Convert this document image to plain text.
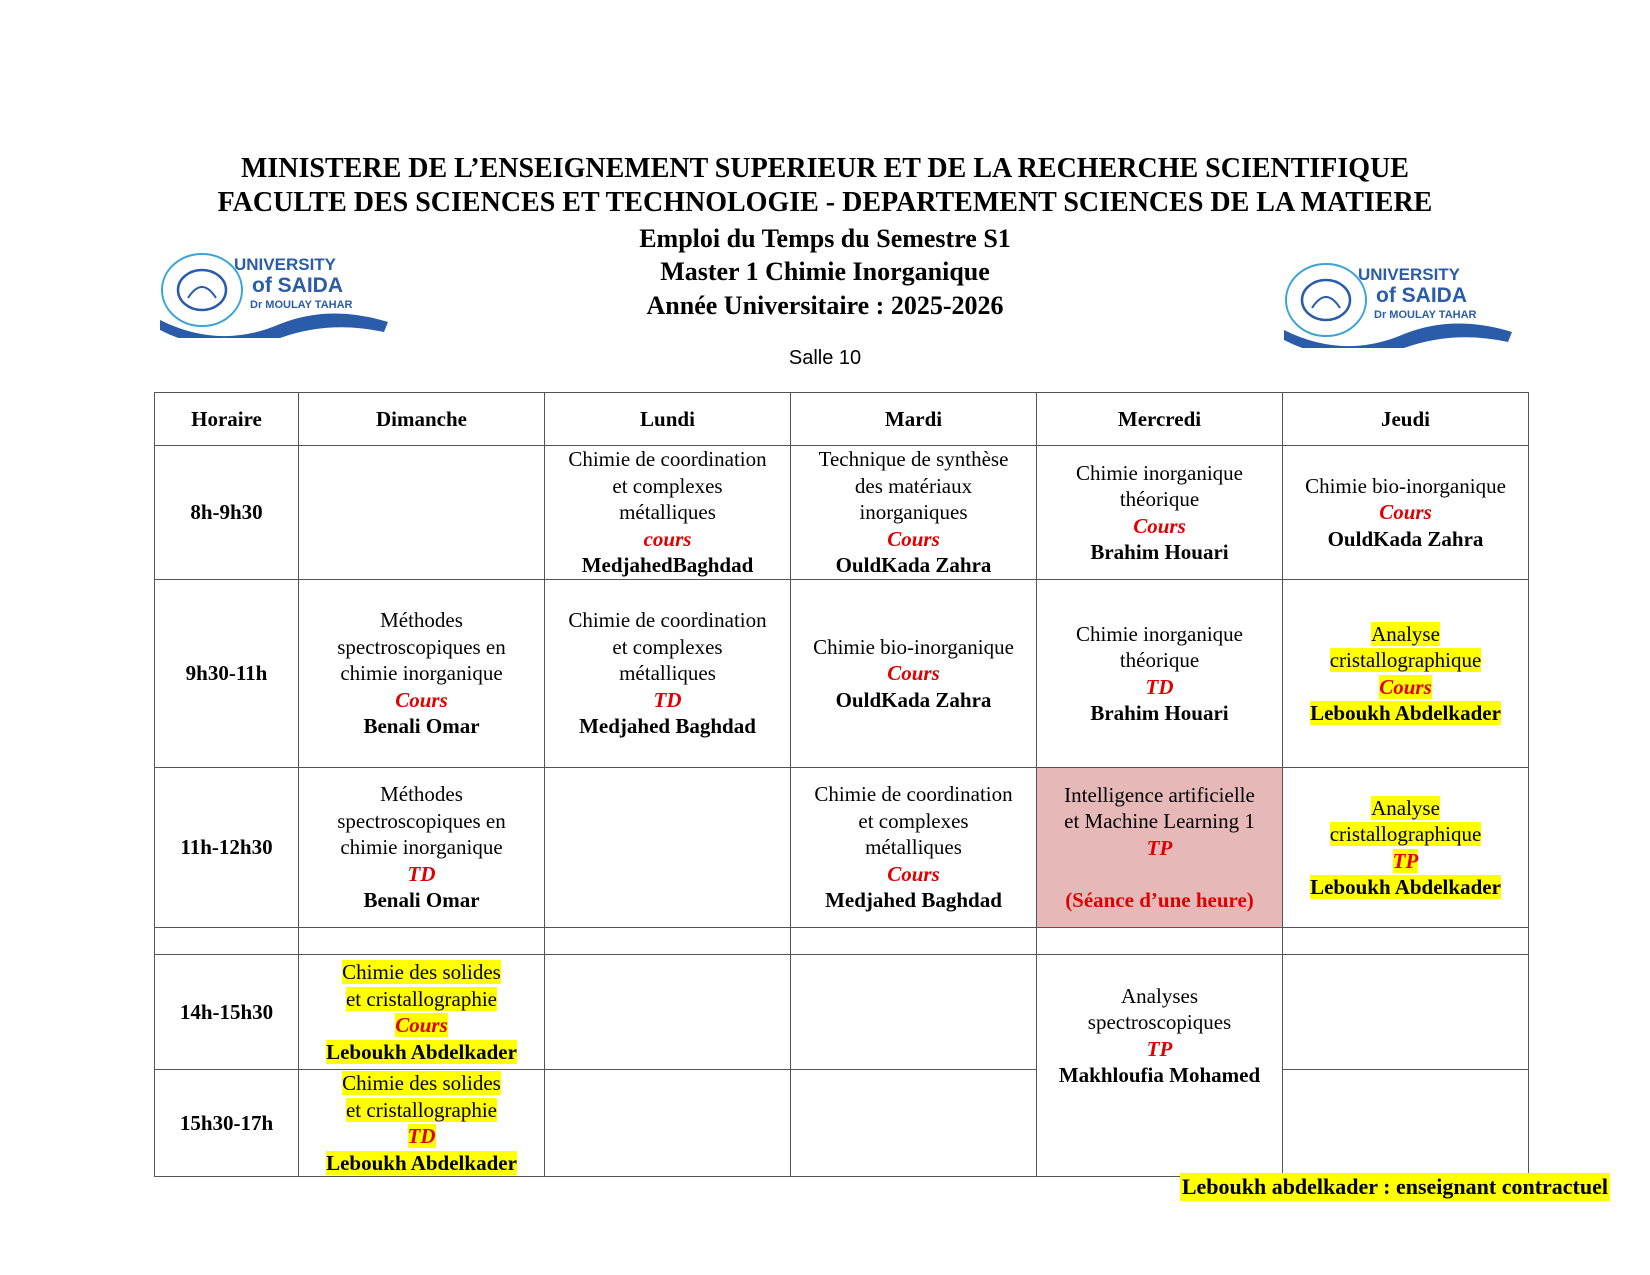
MINISTERE DE L’ENSEIGNEMENT SUPERIEUR ET DE LA RECHERCHE SCIENTIFIQUE
FACULTE DES SCIENCES ET TECHNOLOGIE - DEPARTEMENT SCIENCES DE LA MATIERE
Emploi du Temps du Semestre S1
Master 1 Chimie Inorganique
Année Universitaire : 2025-2026
Salle 10
UNIVERSITY
of SAIDA
Dr MOULAY TAHAR
UNIVERSITY
of SAIDA
Dr MOULAY TAHAR
Horaire	Dimanche	Lundi	Mardi	Mercredi	Jeudi
8h-9h30		Chimie de coordination
et complexes
métalliques
cours
MedjahedBaghdad	Technique de synthèse
des matériaux
inorganiques
Cours
OuldKada Zahra	Chimie inorganique
théorique
Cours
Brahim Houari	Chimie bio-inorganique
Cours
OuldKada Zahra

9h30-11h	Méthodes
spectroscopiques en
chimie inorganique
Cours
Benali Omar	Chimie de coordination
et complexes
métalliques
TD
Medjahed Baghdad	Chimie bio-inorganique
Cours
OuldKada Zahra	Chimie inorganique
théorique
TD
Brahim Houari	Analyse
cristallographique
Cours
Leboukh Abdelkader

11h-12h30	Méthodes
spectroscopiques en
chimie inorganique
TD
Benali Omar		Chimie de coordination
et complexes
métalliques
Cours
Medjahed Baghdad	Intelligence artificielle
et Machine Learning 1
TP
(Séance d’une heure)	Analyse
cristallographique
TP
Leboukh Abdelkader

14h-15h30	Chimie des solides
et cristallographie
Cours
Leboukh Abdelkader			Analyses
spectroscopiques
TP
Makhloufia Mohamed	

15h30-17h	Chimie des solides
et cristallographie
TD
Leboukh Abdelkader				

Leboukh abdelkader : enseignant contractuel
